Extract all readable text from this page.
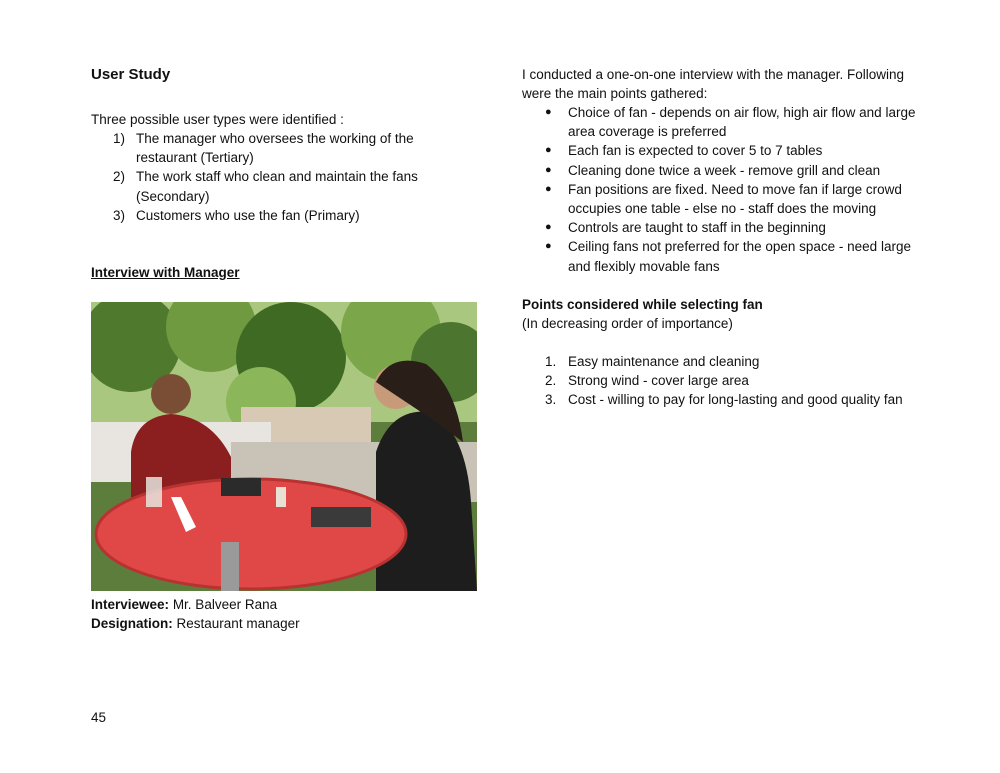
User Study
Three possible user types were identified :
1) The manager who oversees the working of the restaurant (Tertiary)
2) The work staff who clean and maintain the fans (Secondary)
3) Customers who use the fan (Primary)
Interview with Manager
Interviewee: Mr. Balveer Rana
Designation: Restaurant manager
I conducted a one-on-one interview with the manager. Following were the main points gathered:
● Choice of fan - depends on air flow, high air flow and large area coverage is preferred
● Each fan is expected to cover 5 to 7 tables
● Cleaning done twice a week - remove grill and clean
● Fan positions are fixed. Need to move fan if large crowd occupies one table - else no - staff does the moving
● Controls are taught to staff in the beginning
● Ceiling fans not preferred for the open space - need large and flexibly movable fans
Points considered while selecting fan
(In decreasing order of importance)
1. Easy maintenance and cleaning
2. Strong wind - cover large area
3. Cost - willing to pay for long-lasting and good quality fan
45
